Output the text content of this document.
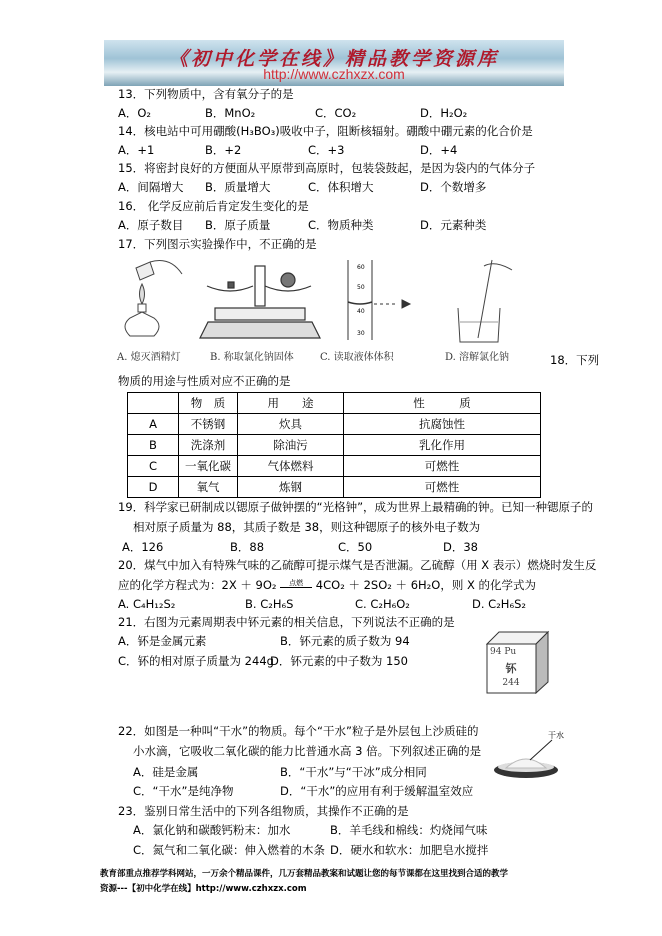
《初中化学在线》精品教学资源库
http://www.czhxzx.com
13．下列物质中，含有氧分子的是
A．O₂	B．MnO₂	C．CO₂	D．H₂O₂
14．核电站中可用硼酸(H₃BO₃)吸收中子，阻断核辐射。硼酸中硼元素的化合价是
A．+1	B．+2	C．+3	D．+4
15．将密封良好的方便面从平原带到高原时，包装袋鼓起，是因为袋内的气体分子
A．间隔增大 B．质量增大	C．体积增大	D．个数增多
16． 化学反应前后肯定发生变化的是
A．原子数目 B．原子质量	C．物质种类	D．元素种类
17．下列图示实验操作中，不正确的是
60
50
40
30
A. 熄灭酒精灯	B. 称取氯化钠固体	C. 读取液体体积	D. 溶解氯化钠	18．下列
物质的用途与性质对应不正确的是
	物　质	用　　途	性　　　质
A	不锈钢	炊具	抗腐蚀性
B	洗涤剂	除油污	乳化作用
C	一氧化碳	气体燃料	可燃性
D	氧气	炼钢	可燃性
19．科学家已研制成以锶原子做钟摆的“光格钟”，成为世界上最精确的钟。已知一种锶原子的
相对原子质量为 88，其质子数是 38，则这种锶原子的核外电子数为
A．126	B．88	C．50	D．38
20．煤气中加入有特殊气味的乙硫醇可提示煤气是否泄漏。乙硫醇（用 X 表示）燃烧时发生反
应的化学方程式为：2X ＋ 9O₂ 点燃 4CO₂ ＋ 2SO₂ ＋ 6H₂O，则 X 的化学式为
A. C₄H₁₂S₂	B. C₂H₆S	C. C₂H₆O₂	D. C₂H₆S₂
21．右图为元素周期表中钚元素的相关信息，下列说法不正确的是
A．钚是金属元素	B．钚元素的质子数为 94
C．钚的相对原子质量为 244g
D．钚元素的中子数为 150
94 Pu
钚
244
22．如图是一种叫“干水”的物质。每个“干水”粒子是外层包上沙质硅的
小水滴，它吸收二氧化碳的能力比普通水高 3 倍。下列叙述正确的是
A．硅是金属	B．“干水”与“干冰”成分相同
C．“干水”是纯净物	D．“干水”的应用有利于缓解温室效应
干水
23．鉴别日常生活中的下列各组物质，其操作不正确的是
A．氯化钠和碳酸钙粉末：加水	B．羊毛线和棉线：灼烧闻气味
C．氮气和二氧化碳：伸入燃着的木条 D．硬水和软水：加肥皂水搅拌
教育部重点推荐学科网站，一万余个精品课件，几万套精品教案和试题让您的每节课都在这里找到合适的教学
资源---【初中化学在线】http://www.czhxzx.com
